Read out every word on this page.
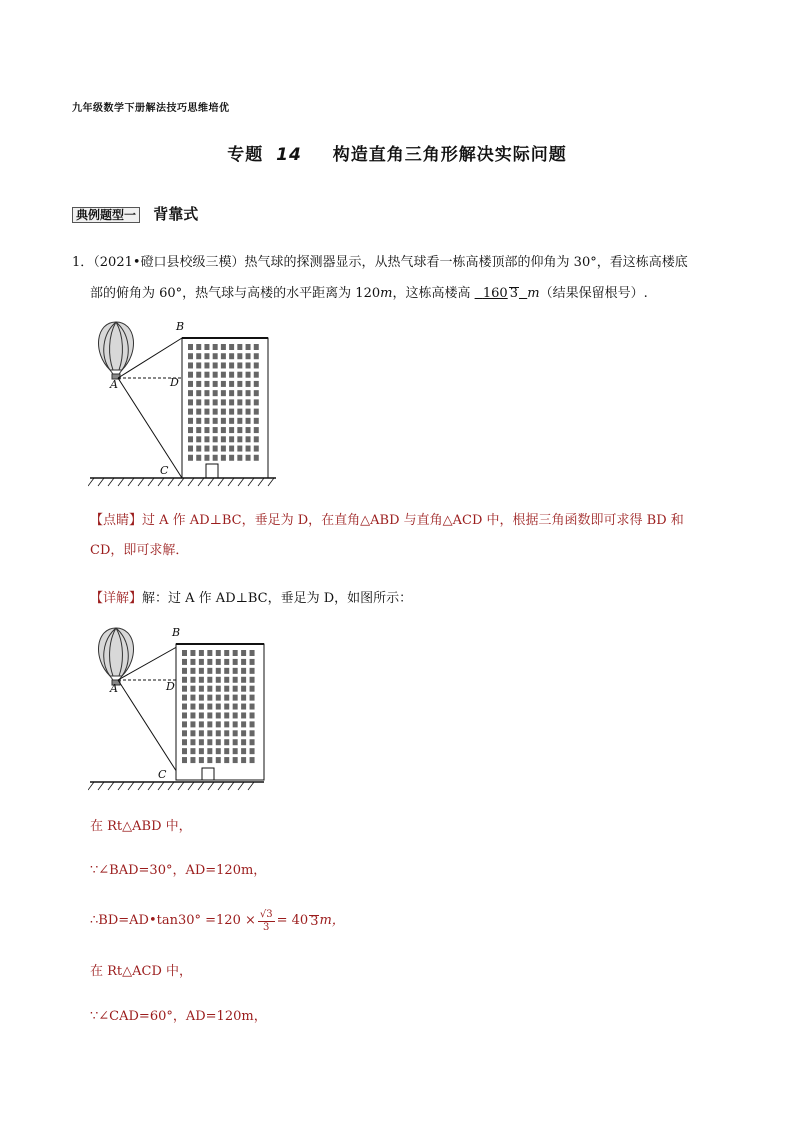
九年级数学下册解法技巧思维培优
专题 14 构造直角三角形解决实际问题
典例题型一 背靠式
1．（2021•磴口县校级三模）热气球的探测器显示，从热气球看一栋高楼顶部的仰角为 30°，看这栋高楼底
部的俯角为 60°，热气球与高楼的水平距离为 120m，这栋高楼高 160 3 m（结果保留根号）.
A
B
D
C
【点睛】过 A 作 AD⊥BC，垂足为 D，在直角△ABD 与直角△ACD 中，根据三角函数即可求得 BD 和
CD，即可求解．
【详解】解：过 A 作 AD⊥BC，垂足为 D，如图所示：
A
B
D
C
在 Rt△ABD 中，
∵∠BAD=30°，AD=120m，
∴BD=AD•tan30° $=120 \times \frac{√3}{3} = 40$ 3 m，
在 Rt△ACD 中，
∵∠CAD=60°，AD=120m，
